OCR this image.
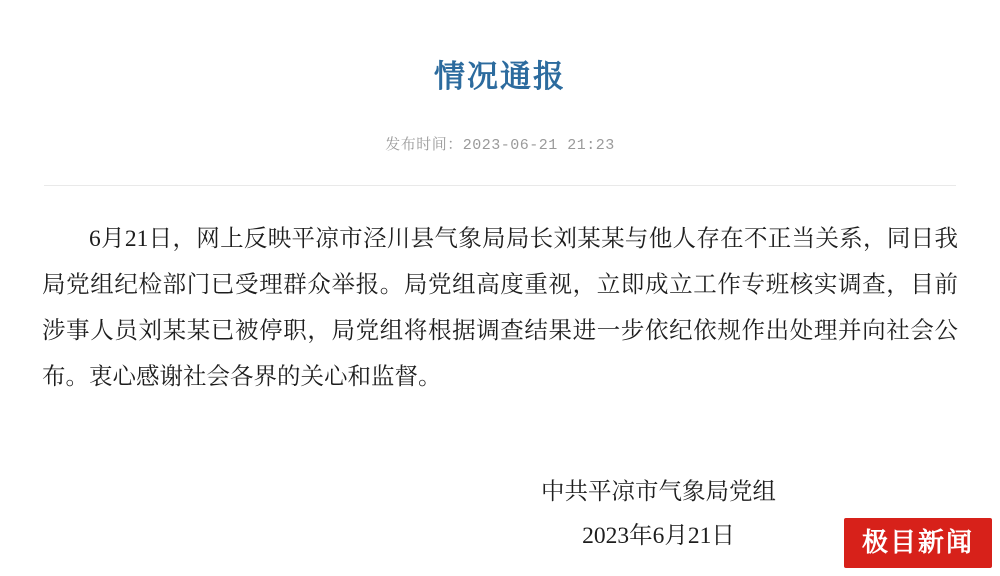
情况通报
发布时间：2023-06-21 21:23

6月21日，网上反映平凉市泾川县气象局局长刘某某与他人存在不正当关系，同日我局党组纪检部门已受理群众举报。局党组高度重视，立即成立工作专班核实调查，目前涉事人员刘某某已被停职，局党组将根据调查结果进一步依纪依规作出处理并向社会公布。衷心感谢社会各界的关心和监督。

中共平凉市气象局党组
2023年6月21日	极目新闻
